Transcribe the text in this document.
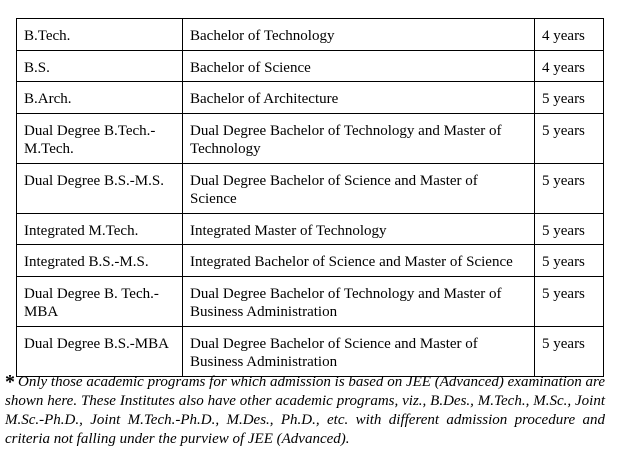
B.Tech.	Bachelor of Technology	4 years
B.S.	Bachelor of Science	4 years
B.Arch.	Bachelor of Architecture	5 years
Dual Degree B.Tech.-M.Tech.	Dual Degree Bachelor of Technology and Master of Technology	5 years
Dual Degree B.S.-M.S.	Dual Degree Bachelor of Science and Master of Science	5 years
Integrated M.Tech.	Integrated Master of Technology	5 years
Integrated B.S.-M.S.	Integrated Bachelor of Science and Master of Science	5 years
Dual Degree B. Tech.-MBA	Dual Degree Bachelor of Technology and Master of Business Administration	5 years
Dual Degree B.S.-MBA	Dual Degree Bachelor of Science and Master of Business Administration	5 years
* Only those academic programs for which admission is based on JEE (Advanced) examination are shown here. These Institutes also have other academic programs, viz., B.Des., M.Tech., M.Sc., Joint M.Sc.-Ph.D., Joint M.Tech.-Ph.D., M.Des., Ph.D., etc. with different admission procedure and criteria not falling under the purview of JEE (Advanced).
